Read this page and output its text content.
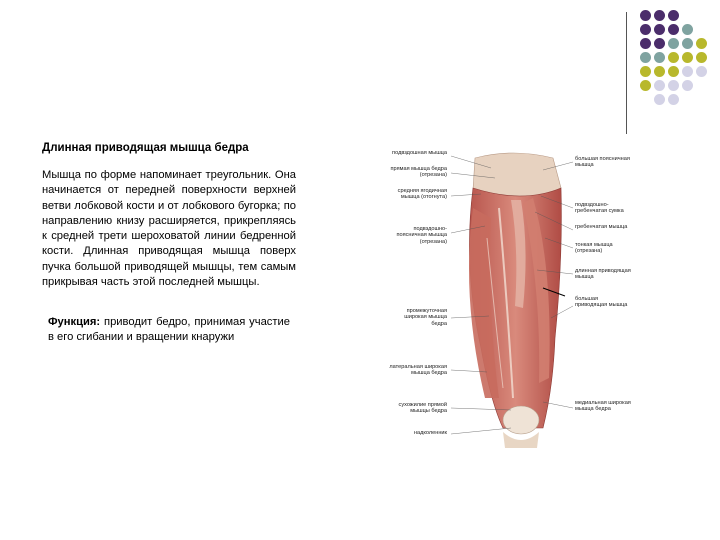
Длинная приводящая мышца бедра
Мышца по форме напоминает треугольник. Она начинается от передней поверхности верхней ветви лобковой кости и от лобкового бугорка; по направлению книзу расширяется, прикрепляясь к средней трети шероховатой линии бедренной кости. Длинная приводящая мышца поверх пучка большой приводящей мышцы, тем самым прикрывая часть этой последней мышцы.
Функция: приводит бедро, принимая участие в его сгибании и вращении кнаружи
подвздошная мышца
прямая мышца бедра (отрезана)
средняя ягодичная мышца (отогнута)
подвздошно-поясничная мышца (отрезана)
промежуточная широкая мышца бедра
латеральная широкая мышца бедра
сухожилие прямой мышцы бедра
надколенник
большая поясничная мышца
подвздошно-гребенчатая сумка
гребенчатая мышца
тонкая мышца (отрезана)
длинная приводящая мышца
большая приводящая мышца
медиальная широкая мышца бедра
